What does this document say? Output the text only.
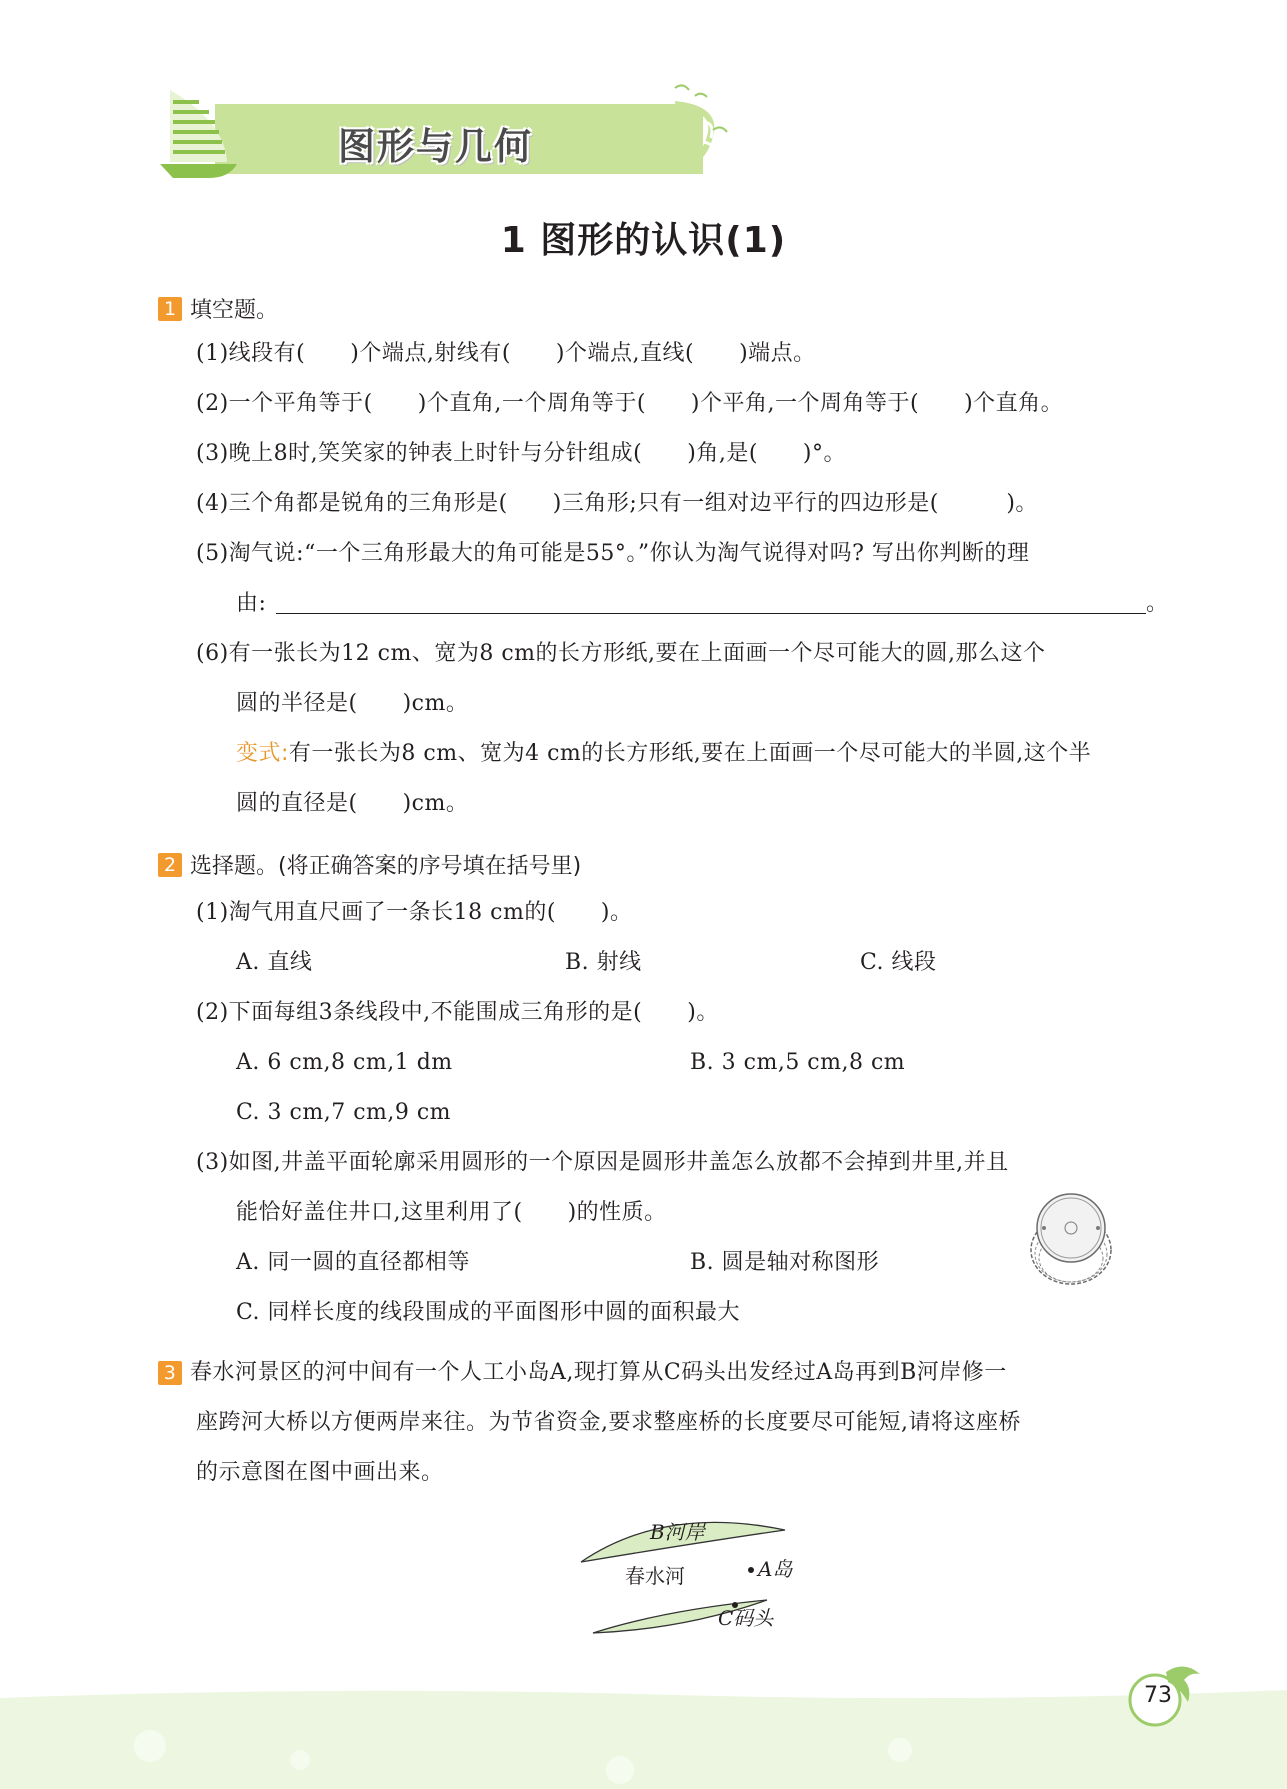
图形与几何
1 图形的认识(1)
1 填空题。
(1)线段有(　　)个端点,射线有(　　)个端点,直线(　　)端点。
(2)一个平角等于(　　)个直角,一个周角等于(　　)个平角,一个周角等于(　　)个直角。
(3)晚上8时,笑笑家的钟表上时针与分针组成(　　)角,是(　　)°。
(4)三个角都是锐角的三角形是(　　)三角形;只有一组对边平行的四边形是(　　　)。
(5)淘气说:“一个三角形最大的角可能是55°。”你认为淘气说得对吗? 写出你判断的理
由:	。
(6)有一张长为12 cm、宽为8 cm的长方形纸,要在上面画一个尽可能大的圆,那么这个
圆的半径是(　　)cm。
变式:有一张长为8 cm、宽为4 cm的长方形纸,要在上面画一个尽可能大的半圆,这个半
圆的直径是(　　)cm。
2 选择题。(将正确答案的序号填在括号里)
(1)淘气用直尺画了一条长18 cm的(　　)。
A. 直线	B. 射线	C. 线段
(2)下面每组3条线段中,不能围成三角形的是(　　)。
A. 6 cm,8 cm,1 dm	B. 3 cm,5 cm,8 cm
C. 3 cm,7 cm,9 cm
(3)如图,井盖平面轮廓采用圆形的一个原因是圆形井盖怎么放都不会掉到井里,并且
能恰好盖住井口,这里利用了(　　)的性质。
A. 同一圆的直径都相等	B. 圆是轴对称图形
C. 同样长度的线段围成的平面图形中圆的面积最大
3 春水河景区的河中间有一个人工小岛A,现打算从C码头出发经过A岛再到B河岸修一
座跨河大桥以方便两岸来往。为节省资金,要求整座桥的长度要尽可能短,请将这座桥
的示意图在图中画出来。
B河岸
春水河	A岛
C码头
73
